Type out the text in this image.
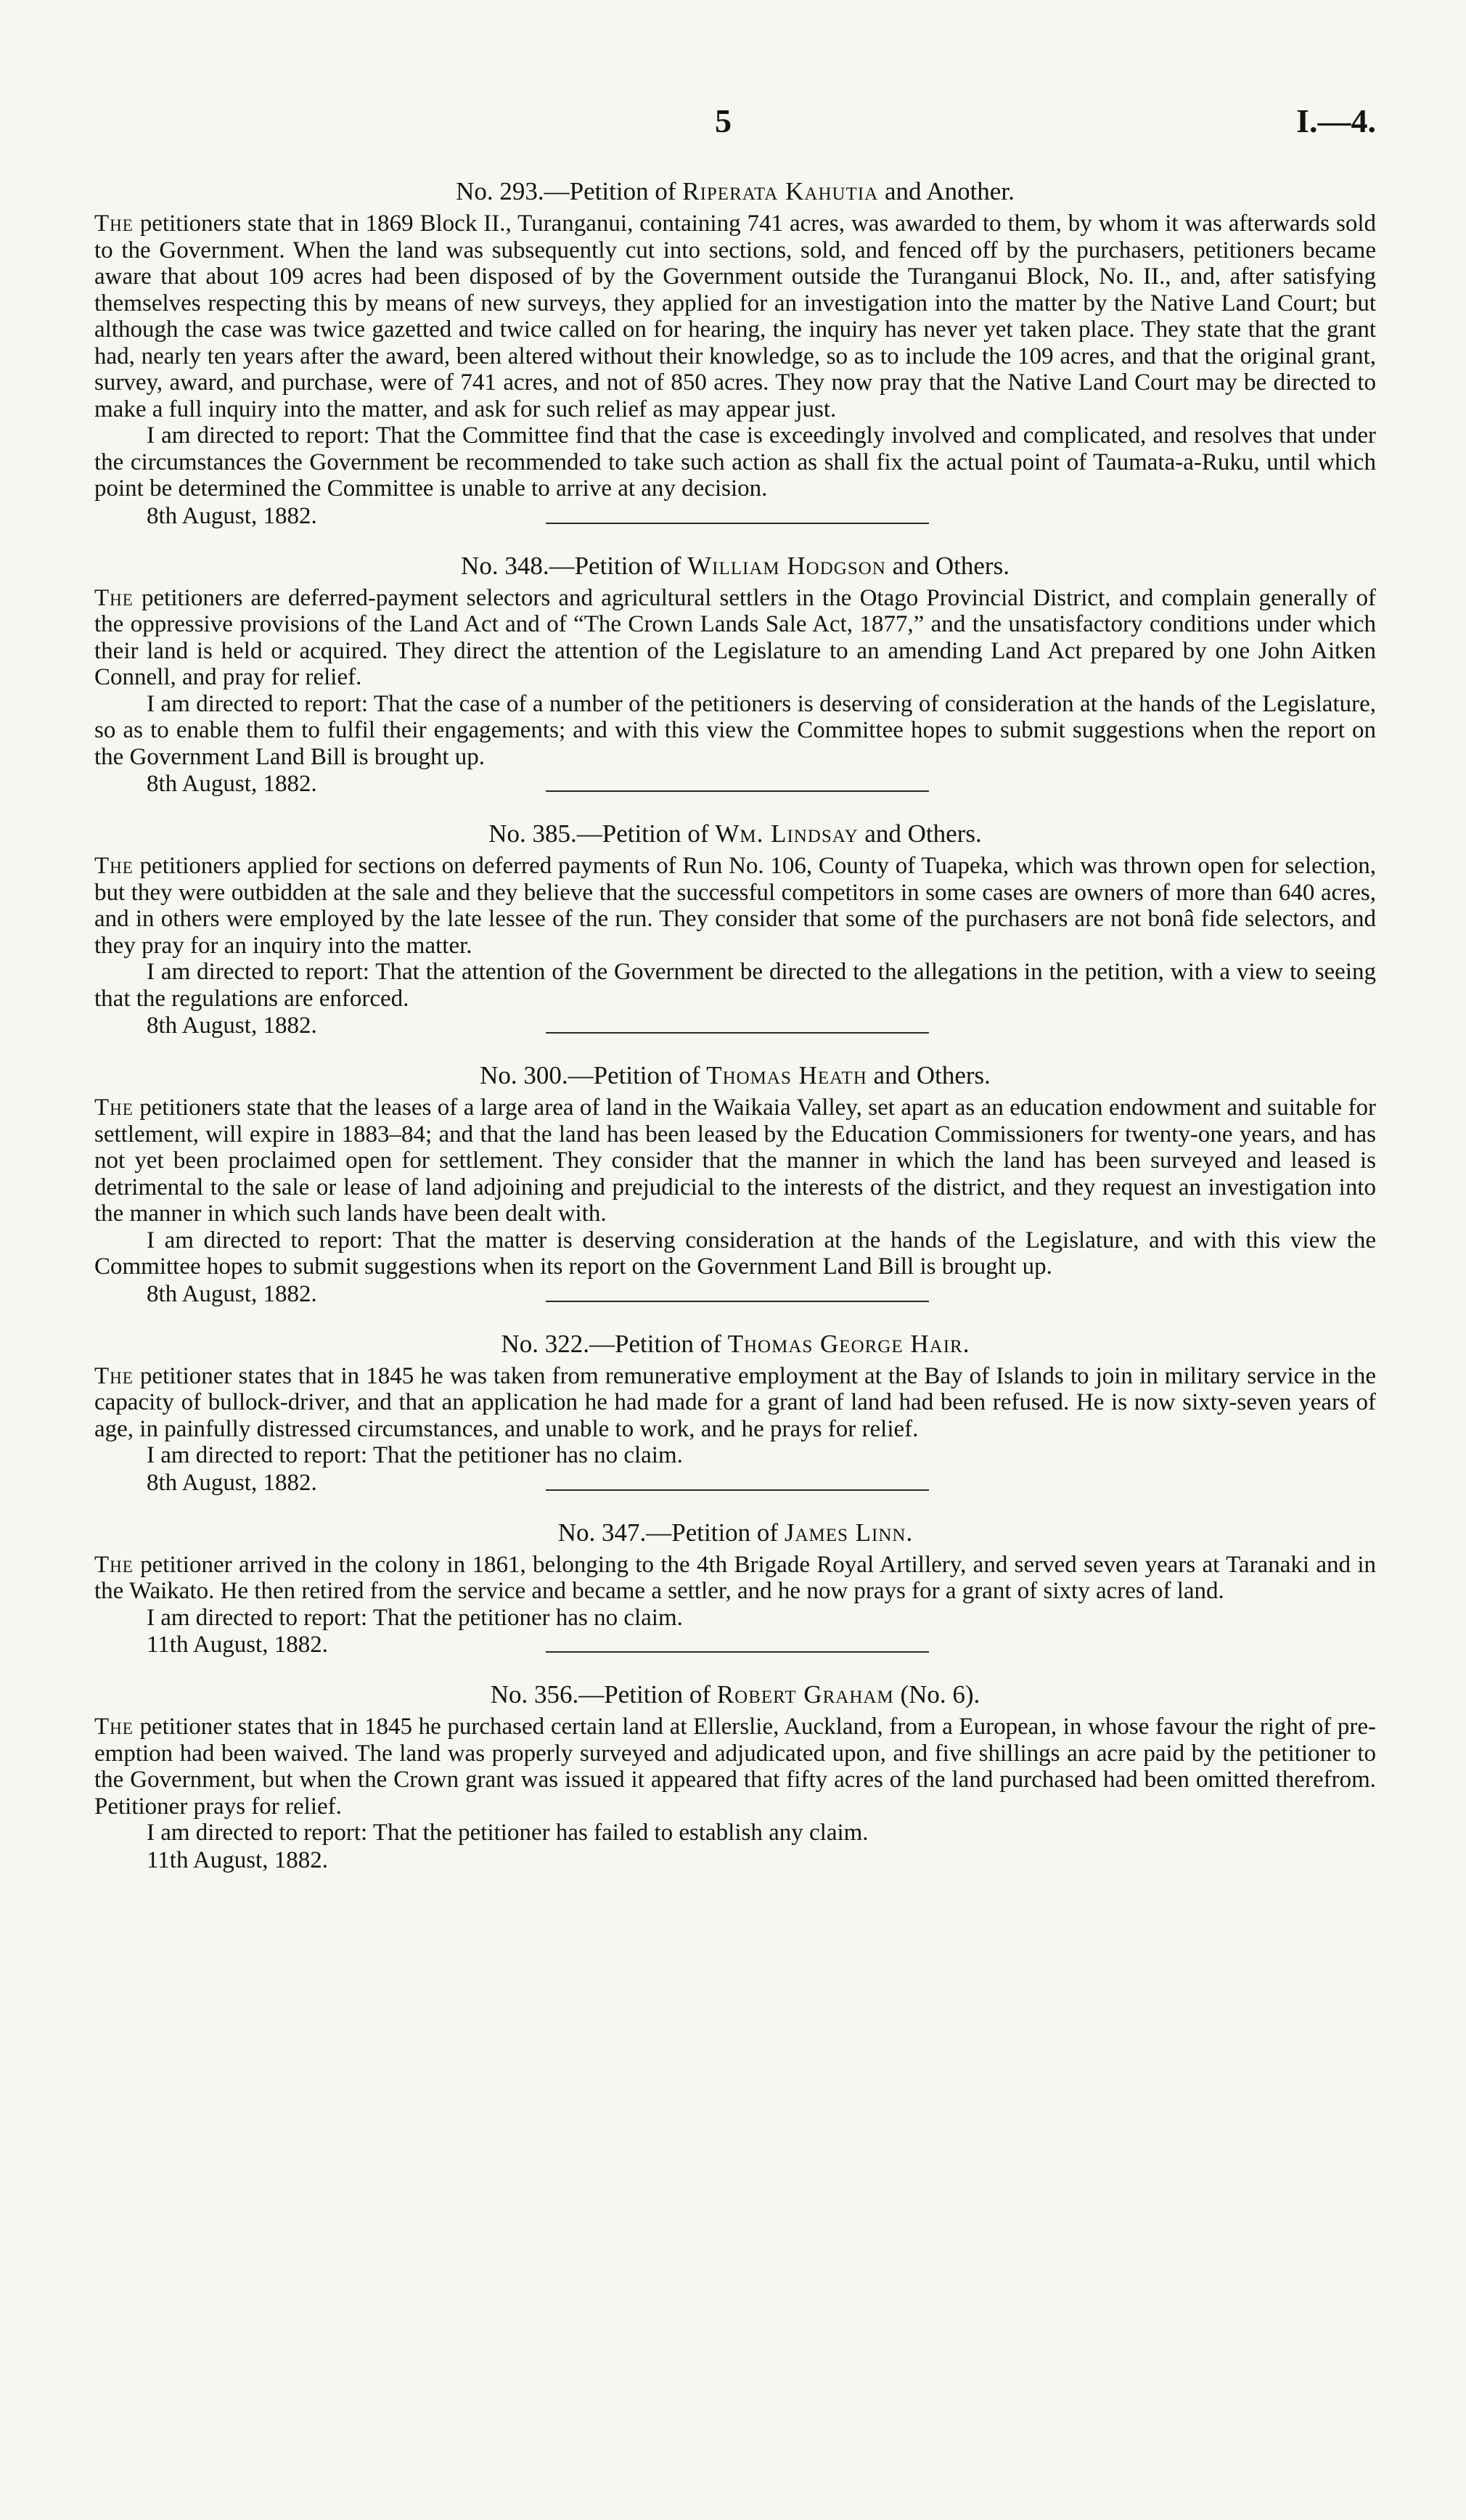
5	I.—4.
No. 293.—Petition of Riperata Kahutia and Another.

The petitioners state that in 1869 Block II., Turanganui, containing 741 acres, was awarded to them, by whom it was afterwards sold to the Government. When the land was subsequently cut into sections, sold, and fenced off by the purchasers, petitioners became aware that about 109 acres had been disposed of by the Government outside the Turanganui Block, No. II., and, after satisfying themselves respecting this by means of new surveys, they applied for an investigation into the matter by the Native Land Court; but although the case was twice gazetted and twice called on for hearing, the inquiry has never yet taken place. They state that the grant had, nearly ten years after the award, been altered without their knowledge, so as to include the 109 acres, and that the original grant, survey, award, and purchase, were of 741 acres, and not of 850 acres. They now pray that the Native Land Court may be directed to make a full inquiry into the matter, and ask for such relief as may appear just.

I am directed to report: That the Committee find that the case is exceedingly involved and complicated, and resolves that under the circumstances the Government be recommended to take such action as shall fix the actual point of Taumata-a-Ruku, until which point be determined the Committee is unable to arrive at any decision.

8th August, 1882.
No. 348.—Petition of William Hodgson and Others.

The petitioners are deferred-payment selectors and agricultural settlers in the Otago Provincial District, and complain generally of the oppressive provisions of the Land Act and of “The Crown Lands Sale Act, 1877,” and the unsatisfactory conditions under which their land is held or acquired. They direct the attention of the Legislature to an amending Land Act prepared by one John Aitken Connell, and pray for relief.

I am directed to report: That the case of a number of the petitioners is deserving of consideration at the hands of the Legislature, so as to enable them to fulfil their engagements; and with this view the Committee hopes to submit suggestions when the report on the Government Land Bill is brought up.

8th August, 1882.
No. 385.—Petition of Wm. Lindsay and Others.

The petitioners applied for sections on deferred payments of Run No. 106, County of Tuapeka, which was thrown open for selection, but they were outbidden at the sale and they believe that the successful competitors in some cases are owners of more than 640 acres, and in others were employed by the late lessee of the run. They consider that some of the purchasers are not bonâ fide selectors, and they pray for an inquiry into the matter.

I am directed to report: That the attention of the Government be directed to the allegations in the petition, with a view to seeing that the regulations are enforced.

8th August, 1882.
No. 300.—Petition of Thomas Heath and Others.

The petitioners state that the leases of a large area of land in the Waikaia Valley, set apart as an education endowment and suitable for settlement, will expire in 1883–84; and that the land has been leased by the Education Commissioners for twenty-one years, and has not yet been proclaimed open for settlement. They consider that the manner in which the land has been surveyed and leased is detrimental to the sale or lease of land adjoining and prejudicial to the interests of the district, and they request an investigation into the manner in which such lands have been dealt with.

I am directed to report: That the matter is deserving consideration at the hands of the Legislature, and with this view the Committee hopes to submit suggestions when its report on the Government Land Bill is brought up.

8th August, 1882.
No. 322.—Petition of Thomas George Hair.

The petitioner states that in 1845 he was taken from remunerative employment at the Bay of Islands to join in military service in the capacity of bullock-driver, and that an application he had made for a grant of land had been refused. He is now sixty-seven years of age, in painfully distressed circumstances, and unable to work, and he prays for relief.

I am directed to report: That the petitioner has no claim.

8th August, 1882.
No. 347.—Petition of James Linn.

The petitioner arrived in the colony in 1861, belonging to the 4th Brigade Royal Artillery, and served seven years at Taranaki and in the Waikato. He then retired from the service and became a settler, and he now prays for a grant of sixty acres of land.

I am directed to report: That the petitioner has no claim.

11th August, 1882.
No. 356.—Petition of Robert Graham (No. 6).

The petitioner states that in 1845 he purchased certain land at Ellerslie, Auckland, from a European, in whose favour the right of pre-emption had been waived. The land was properly surveyed and adjudicated upon, and five shillings an acre paid by the petitioner to the Government, but when the Crown grant was issued it appeared that fifty acres of the land purchased had been omitted therefrom. Petitioner prays for relief.

I am directed to report: That the petitioner has failed to establish any claim.

11th August, 1882.
